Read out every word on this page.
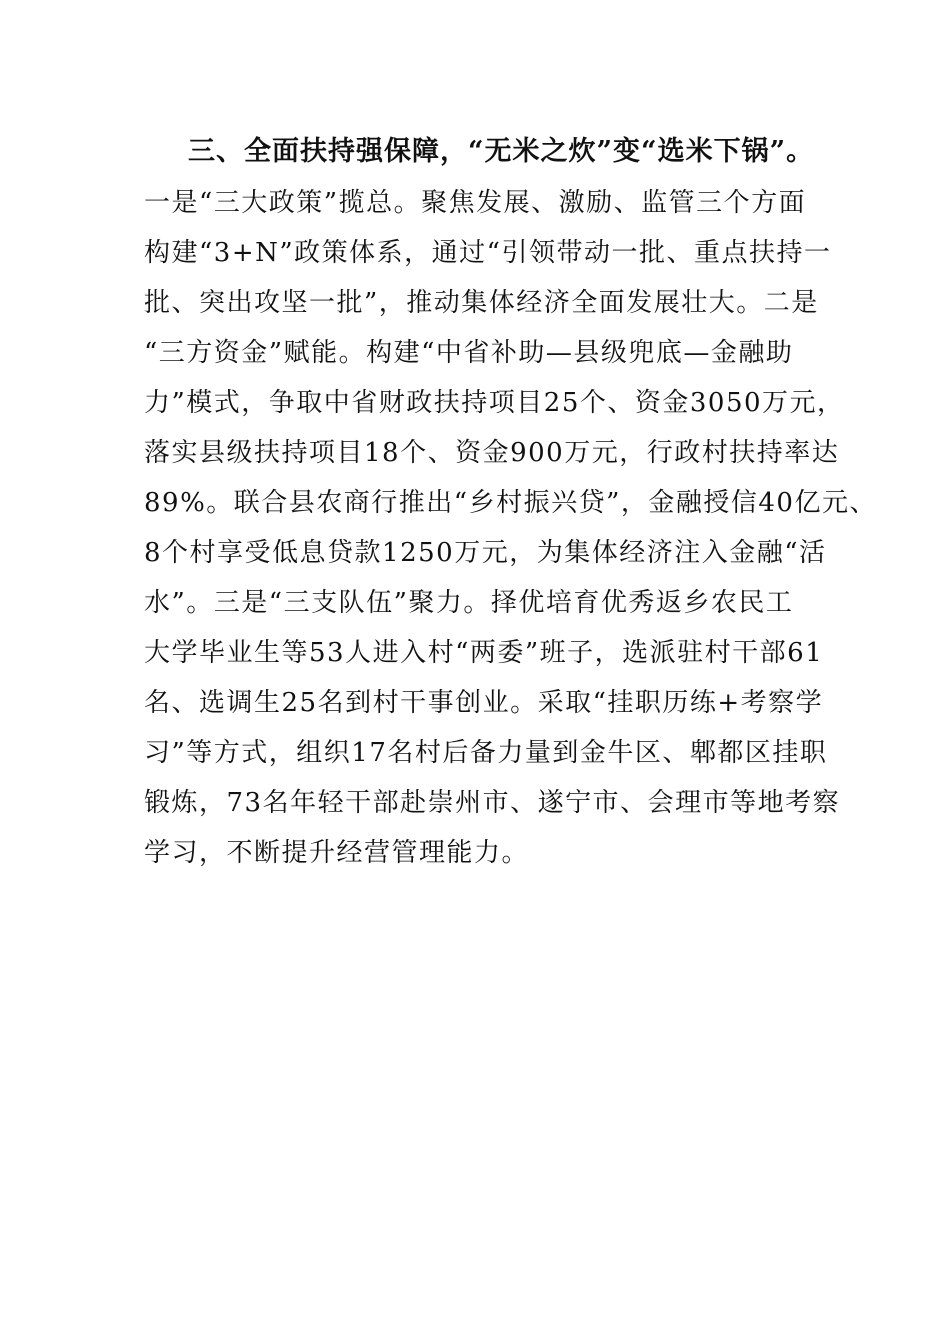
三、全面扶持强保障，“无米之炊”变“选米下锅”。
一是“三大政策”揽总。聚焦发展、激励、监管三个方面
构建“3+N”政策体系，通过“引领带动一批、重点扶持一
批、突出攻坚一批”，推动集体经济全面发展壮大。二是
“三方资金”赋能。构建“中省补助—县级兜底—金融助
力”模式，争取中省财政扶持项目25个、资金3050万元，
落实县级扶持项目18个、资金900万元，行政村扶持率达
89%。联合县农商行推出“乡村振兴贷”，金融授信40亿元、
8个村享受低息贷款1250万元，为集体经济注入金融“活
水”。三是“三支队伍”聚力。择优培育优秀返乡农民工
大学毕业生等53人进入村“两委”班子，选派驻村干部61
名、选调生25名到村干事创业。采取“挂职历练+考察学
习”等方式，组织17名村后备力量到金牛区、郫都区挂职
锻炼，73名年轻干部赴崇州市、遂宁市、会理市等地考察
学习，不断提升经营管理能力。
